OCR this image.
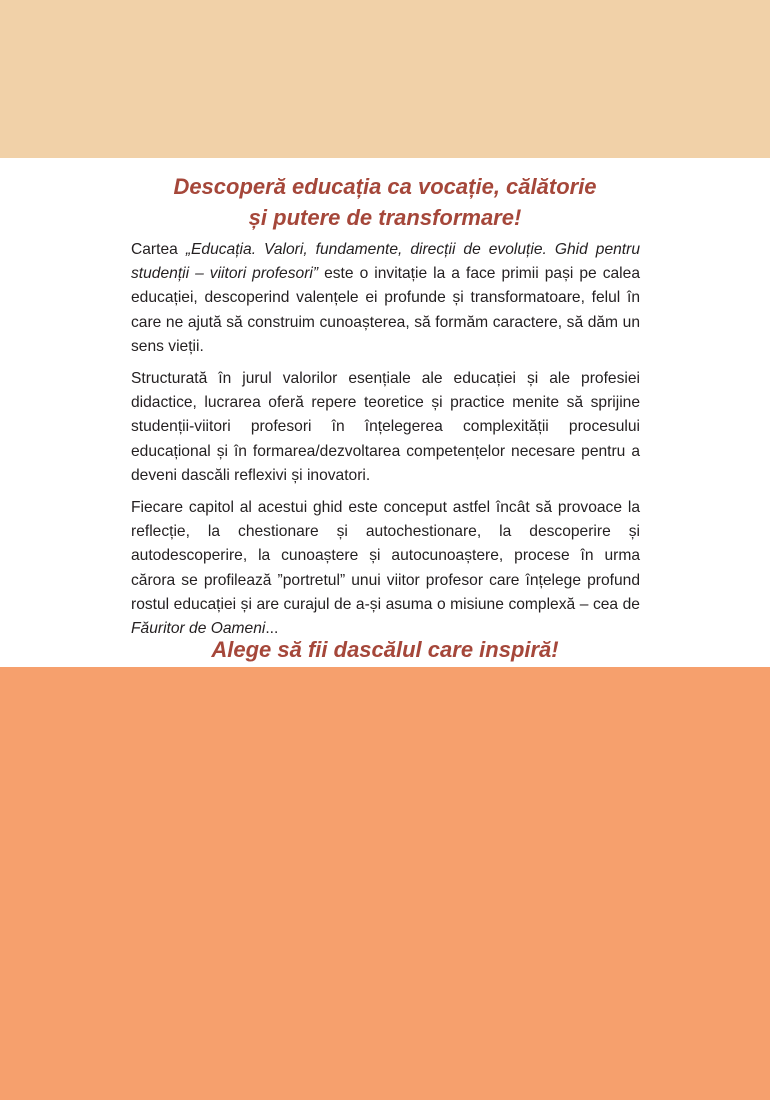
Descoperă educația ca vocație, călătorie
și putere de transformare!

Cartea „Educația. Valori, fundamente, direcții de evoluție. Ghid pentru studenții – viitori profesori” este o invitație la a face primii pași pe calea educației, descoperind valențele ei profunde și transformatoare, felul în care ne ajută să construim cunoașterea, să formăm caractere, să dăm un sens vieții.

Structurată în jurul valorilor esențiale ale educației și ale profesiei didactice, lucrarea oferă repere teoretice și practice menite să sprijine studenții-viitori profesori în înțelegerea complexității procesului educațional și în formarea/dezvoltarea competențelor necesare pentru a deveni dascăli reflexivi și inovatori.

Fiecare capitol al acestui ghid este conceput astfel încât să provoace la reflecție, la chestionare și autochestionare, la descoperire și autodescoperire, la cunoaștere și autocunoaștere, procese în urma cărora se profilează ”portretul” unui viitor profesor care înțelege profund rostul educației și are curajul de a-și asuma o misiune complexă – cea de Făuritor de Oameni...

Alege să fii dascălul care inspiră!
